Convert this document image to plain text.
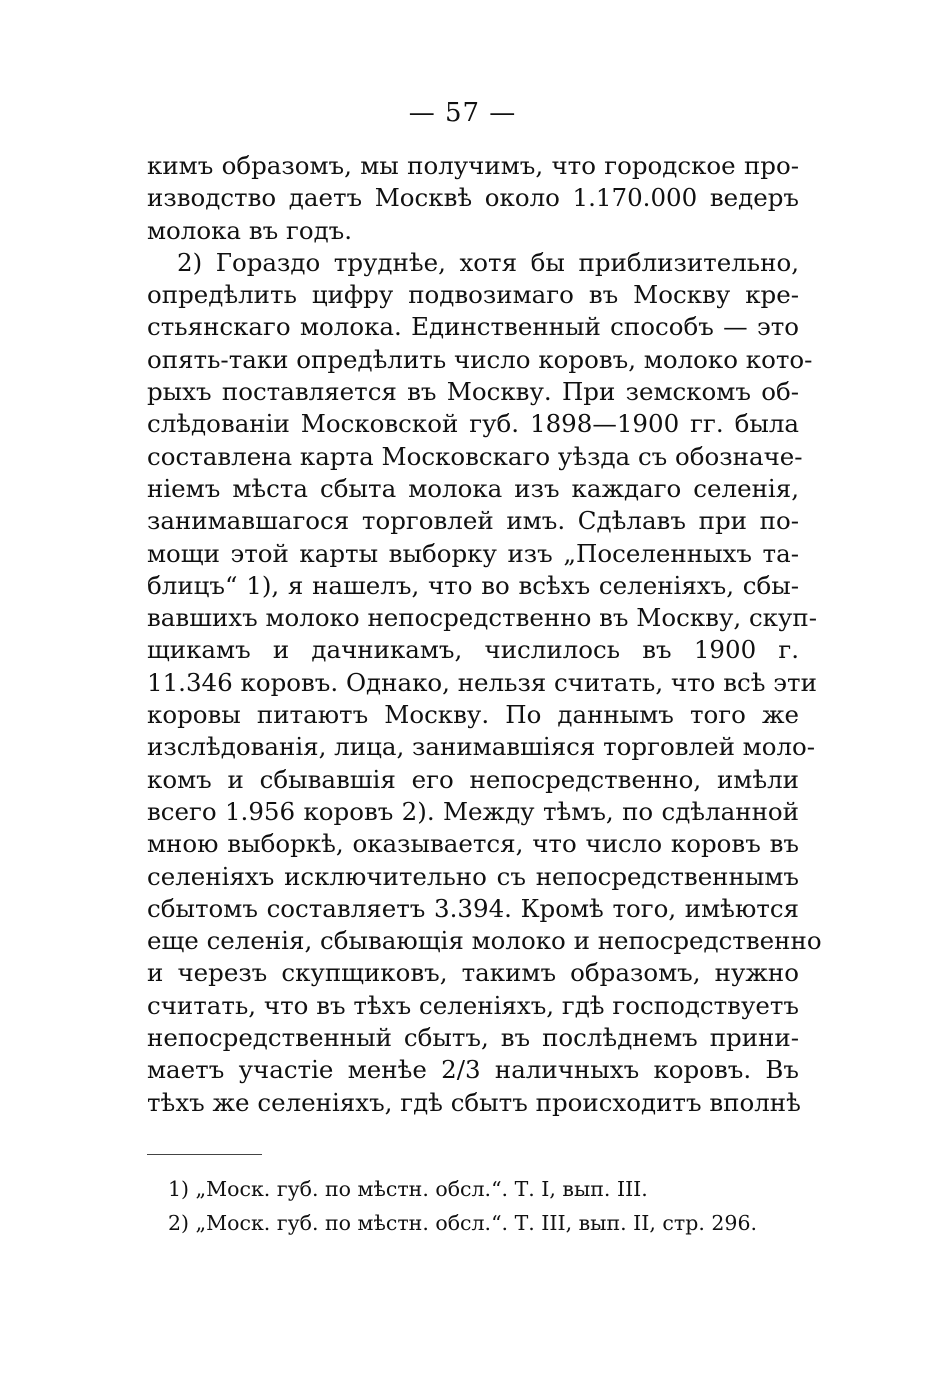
— 57 —
кимъ образомъ, мы получимъ, что городское про-
изводство даетъ Москвѣ около 1.170.000 ведеръ
молока въ годъ.
2) Гораздо труднѣе, хотя бы приблизительно,
опредѣлить цифру подвозимаго въ Москву кре-
стьянскаго молока. Единственный способъ — это
опять-таки опредѣлить число коровъ, молоко кото-
рыхъ поставляется въ Москву. При земскомъ об-
слѣдованіи Московской губ. 1898—1900 гг. была
составлена карта Московскаго уѣзда съ обозначе-
ніемъ мѣста сбыта молока изъ каждаго селенія,
занимавшагося торговлей имъ. Сдѣлавъ при по-
мощи этой карты выборку изъ „Поселенныхъ та-
блицъ“ 1), я нашелъ, что во всѣхъ селеніяхъ, сбы-
вавшихъ молоко непосредственно въ Москву, скуп-
щикамъ и дачникамъ, числилось въ 1900 г.
11.346 коровъ. Однако, нельзя считать, что всѣ эти
коровы питаютъ Москву. По даннымъ того же
изслѣдованія, лица, занимавшіяся торговлей моло-
комъ и сбывавшія его непосредственно, имѣли
всего 1.956 коровъ 2). Между тѣмъ, по сдѣланной
мною выборкѣ, оказывается, что число коровъ въ
селеніяхъ исключительно съ непосредственнымъ
сбытомъ составляетъ 3.394. Кромѣ того, имѣются
еще селенія, сбывающія молоко и непосредственно
и черезъ скупщиковъ, такимъ образомъ, нужно
считать, что въ тѣхъ селеніяхъ, гдѣ господствуетъ
непосредственный сбытъ, въ послѣднемъ прини-
маетъ участіе менѣе 2/3 наличныхъ коровъ. Въ
тѣхъ же селеніяхъ, гдѣ сбытъ происходитъ вполнѣ
1) „Моск. губ. по мѣстн. обсл.“. Т. I, вып. III.
2) „Моск. губ. по мѣстн. обсл.“. Т. III, вып. II, стр. 296.
